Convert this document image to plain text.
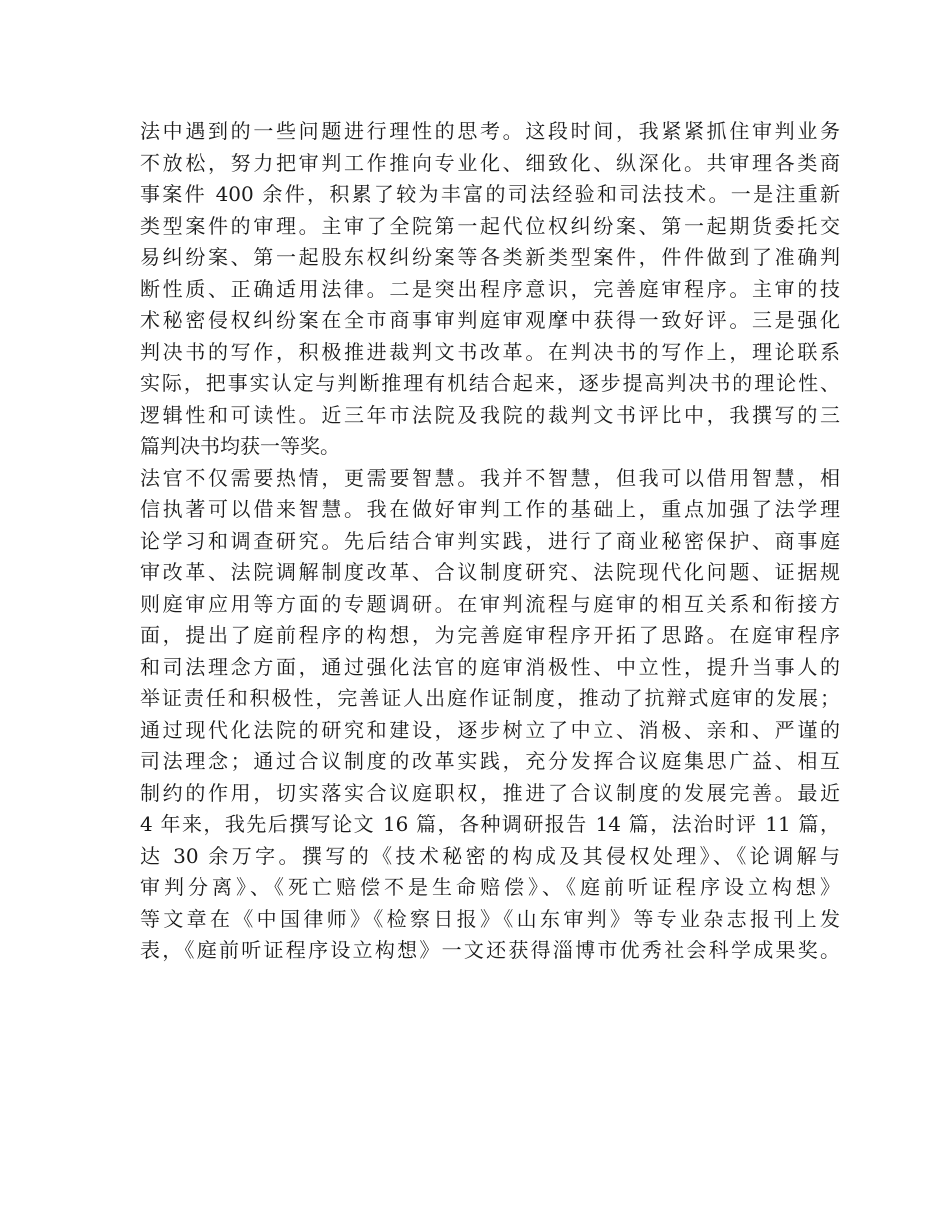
法中遇到的一些问题进行理性的思考。这段时间，我紧紧抓住审判业务
不放松，努力把审判工作推向专业化、细致化、纵深化。共审理各类商
事案件 400 余件，积累了较为丰富的司法经验和司法技术。一是注重新
类型案件的审理。主审了全院第一起代位权纠纷案、第一起期货委托交
易纠纷案、第一起股东权纠纷案等各类新类型案件，件件做到了准确判
断性质、正确适用法律。二是突出程序意识，完善庭审程序。主审的技
术秘密侵权纠纷案在全市商事审判庭审观摩中获得一致好评。三是强化
判决书的写作，积极推进裁判文书改革。在判决书的写作上，理论联系
实际，把事实认定与判断推理有机结合起来，逐步提高判决书的理论性、
逻辑性和可读性。近三年市法院及我院的裁判文书评比中，我撰写的三
篇判决书均获一等奖。
法官不仅需要热情，更需要智慧。我并不智慧，但我可以借用智慧，相
信执著可以借来智慧。我在做好审判工作的基础上，重点加强了法学理
论学习和调查研究。先后结合审判实践，进行了商业秘密保护、商事庭
审改革、法院调解制度改革、合议制度研究、法院现代化问题、证据规
则庭审应用等方面的专题调研。在审判流程与庭审的相互关系和衔接方
面，提出了庭前程序的构想，为完善庭审程序开拓了思路。在庭审程序
和司法理念方面，通过强化法官的庭审消极性、中立性，提升当事人的
举证责任和积极性，完善证人出庭作证制度，推动了抗辩式庭审的发展；
通过现代化法院的研究和建设，逐步树立了中立、消极、亲和、严谨的
司法理念；通过合议制度的改革实践，充分发挥合议庭集思广益、相互
制约的作用，切实落实合议庭职权，推进了合议制度的发展完善。最近
4 年来，我先后撰写论文 16 篇，各种调研报告 14 篇，法治时评 11 篇，
达 30 余万字。撰写的《技术秘密的构成及其侵权处理》、《论调解与
审判分离》、《死亡赔偿不是生命赔偿》、《庭前听证程序设立构想》
等文章在《中国律师》《检察日报》《山东审判》等专业杂志报刊上发
表，《庭前听证程序设立构想》一文还获得淄博市优秀社会科学成果奖。
